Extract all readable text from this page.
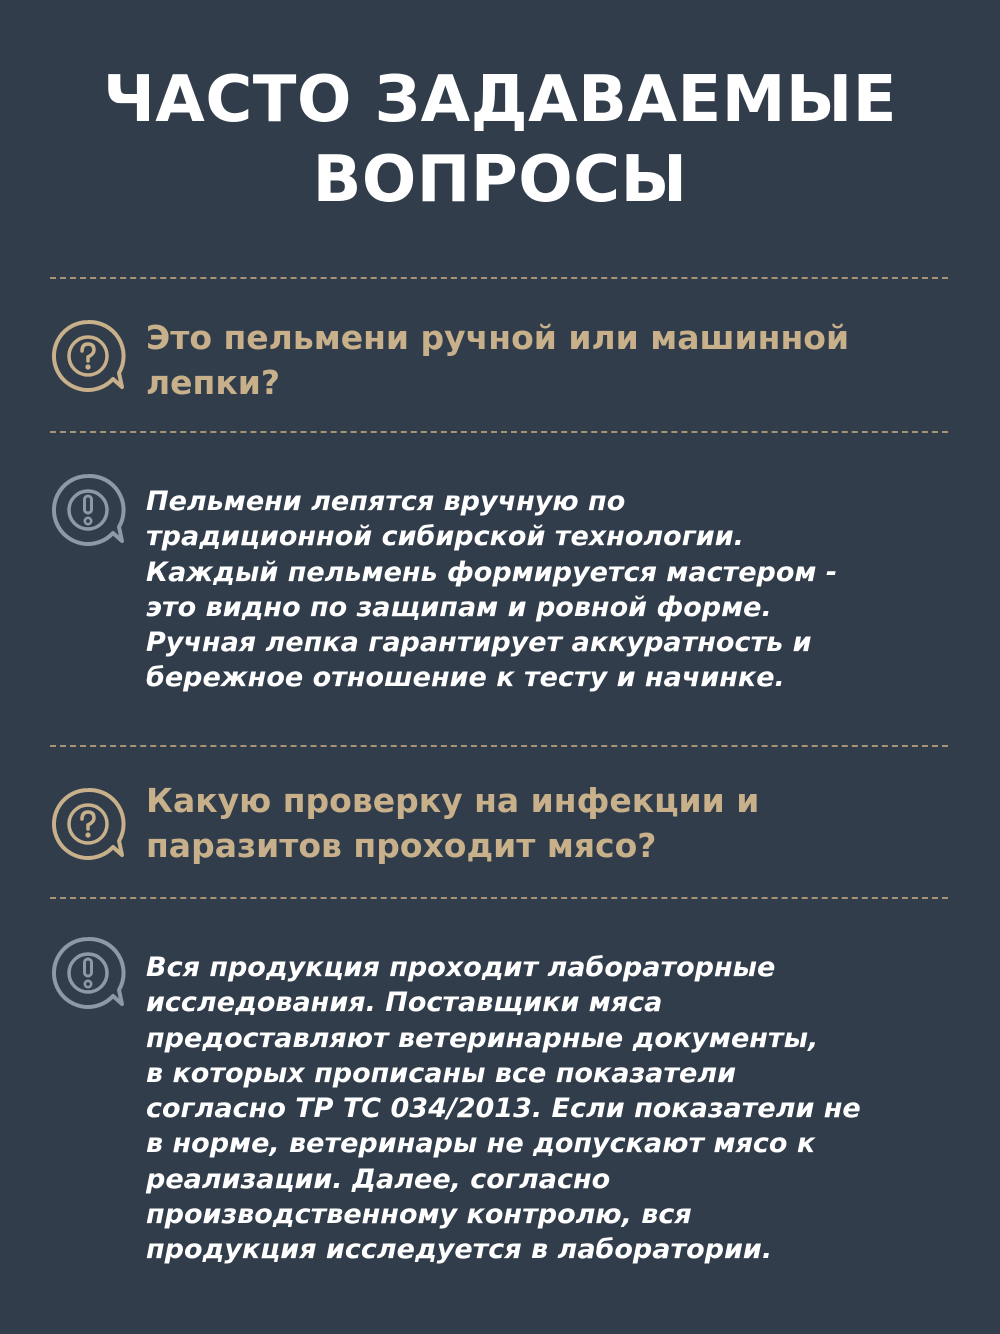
ЧАСТО ЗАДАВАЕМЫЕ
ВОПРОСЫ
Это пельмени ручной или машинной
лепки?
Пельмени лепятся вручную по
традиционной сибирской технологии.
Каждый пельмень формируется мастером -
это видно по защипам и ровной форме.
Ручная лепка гарантирует аккуратность и
бережное отношение к тесту и начинке.
Какую проверку на инфекции и
паразитов проходит мясо?
Вся продукция проходит лабораторные
исследования. Поставщики мяса
предоставляют ветеринарные документы,
в которых прописаны все показатели
согласно ТР ТС 034/2013. Если показатели не
в норме, ветеринары не допускают мясо к
реализации. Далее, согласно
производственному контролю, вся
продукция исследуется в лаборатории.
